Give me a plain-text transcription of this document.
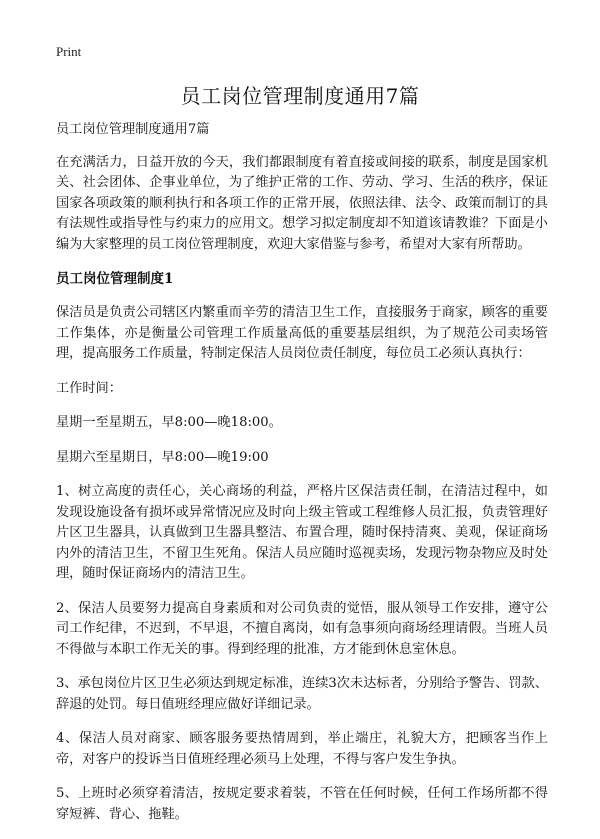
Print
员工岗位管理制度通用7篇

员工岗位管理制度通用7篇

在充满活力，日益开放的今天，我们都跟制度有着直接或间接的联系，制度是国家机关、社会团体、企事业单位，为了维护正常的工作、劳动、学习、生活的秩序，保证国家各项政策的顺利执行和各项工作的正常开展，依照法律、法令、政策而制订的具有法规性或指导性与约束力的应用文。想学习拟定制度却不知道该请教谁？下面是小编为大家整理的员工岗位管理制度，欢迎大家借鉴与参考，希望对大家有所帮助。

员工岗位管理制度1

保洁员是负责公司辖区内繁重而辛劳的清洁卫生工作，直接服务于商家，顾客的重要工作集体，亦是衡量公司管理工作质量高低的重要基层组织，为了规范公司卖场管理，提高服务工作质量，特制定保洁人员岗位责任制度，每位员工必须认真执行：

工作时间：

星期一至星期五，早8:00—晚18:00。

星期六至星期日，早8:00—晚19:00

1、树立高度的责任心，关心商场的利益，严格片区保洁责任制，在清洁过程中，如发现设施设备有损坏或异常情况应及时向上级主管或工程维修人员汇报，负责管理好片区卫生器具，认真做到卫生器具整洁、布置合理，随时保持清爽、美观，保证商场内外的清洁卫生，不留卫生死角。保洁人员应随时巡视卖场，发现污物杂物应及时处理，随时保证商场内的清洁卫生。

2、保洁人员要努力提高自身素质和对公司负责的觉悟，服从领导工作安排，遵守公司工作纪律，不迟到，不早退，不擅自离岗，如有急事须向商场经理请假。当班人员不得做与本职工作无关的事。得到经理的批准，方才能到休息室休息。

3、承包岗位片区卫生必须达到规定标准，连续3次未达标者，分别给予警告、罚款、辞退的处罚。每日值班经理应做好详细记录。

4、保洁人员对商家、顾客服务要热情周到，举止端庄，礼貌大方，把顾客当作上帝，对客户的投诉当日值班经理必须马上处理，不得与客户发生争执。

5、上班时必须穿着清洁，按规定要求着装，不管在任何时候，任何工作场所都不得穿短裤、背心、拖鞋。
